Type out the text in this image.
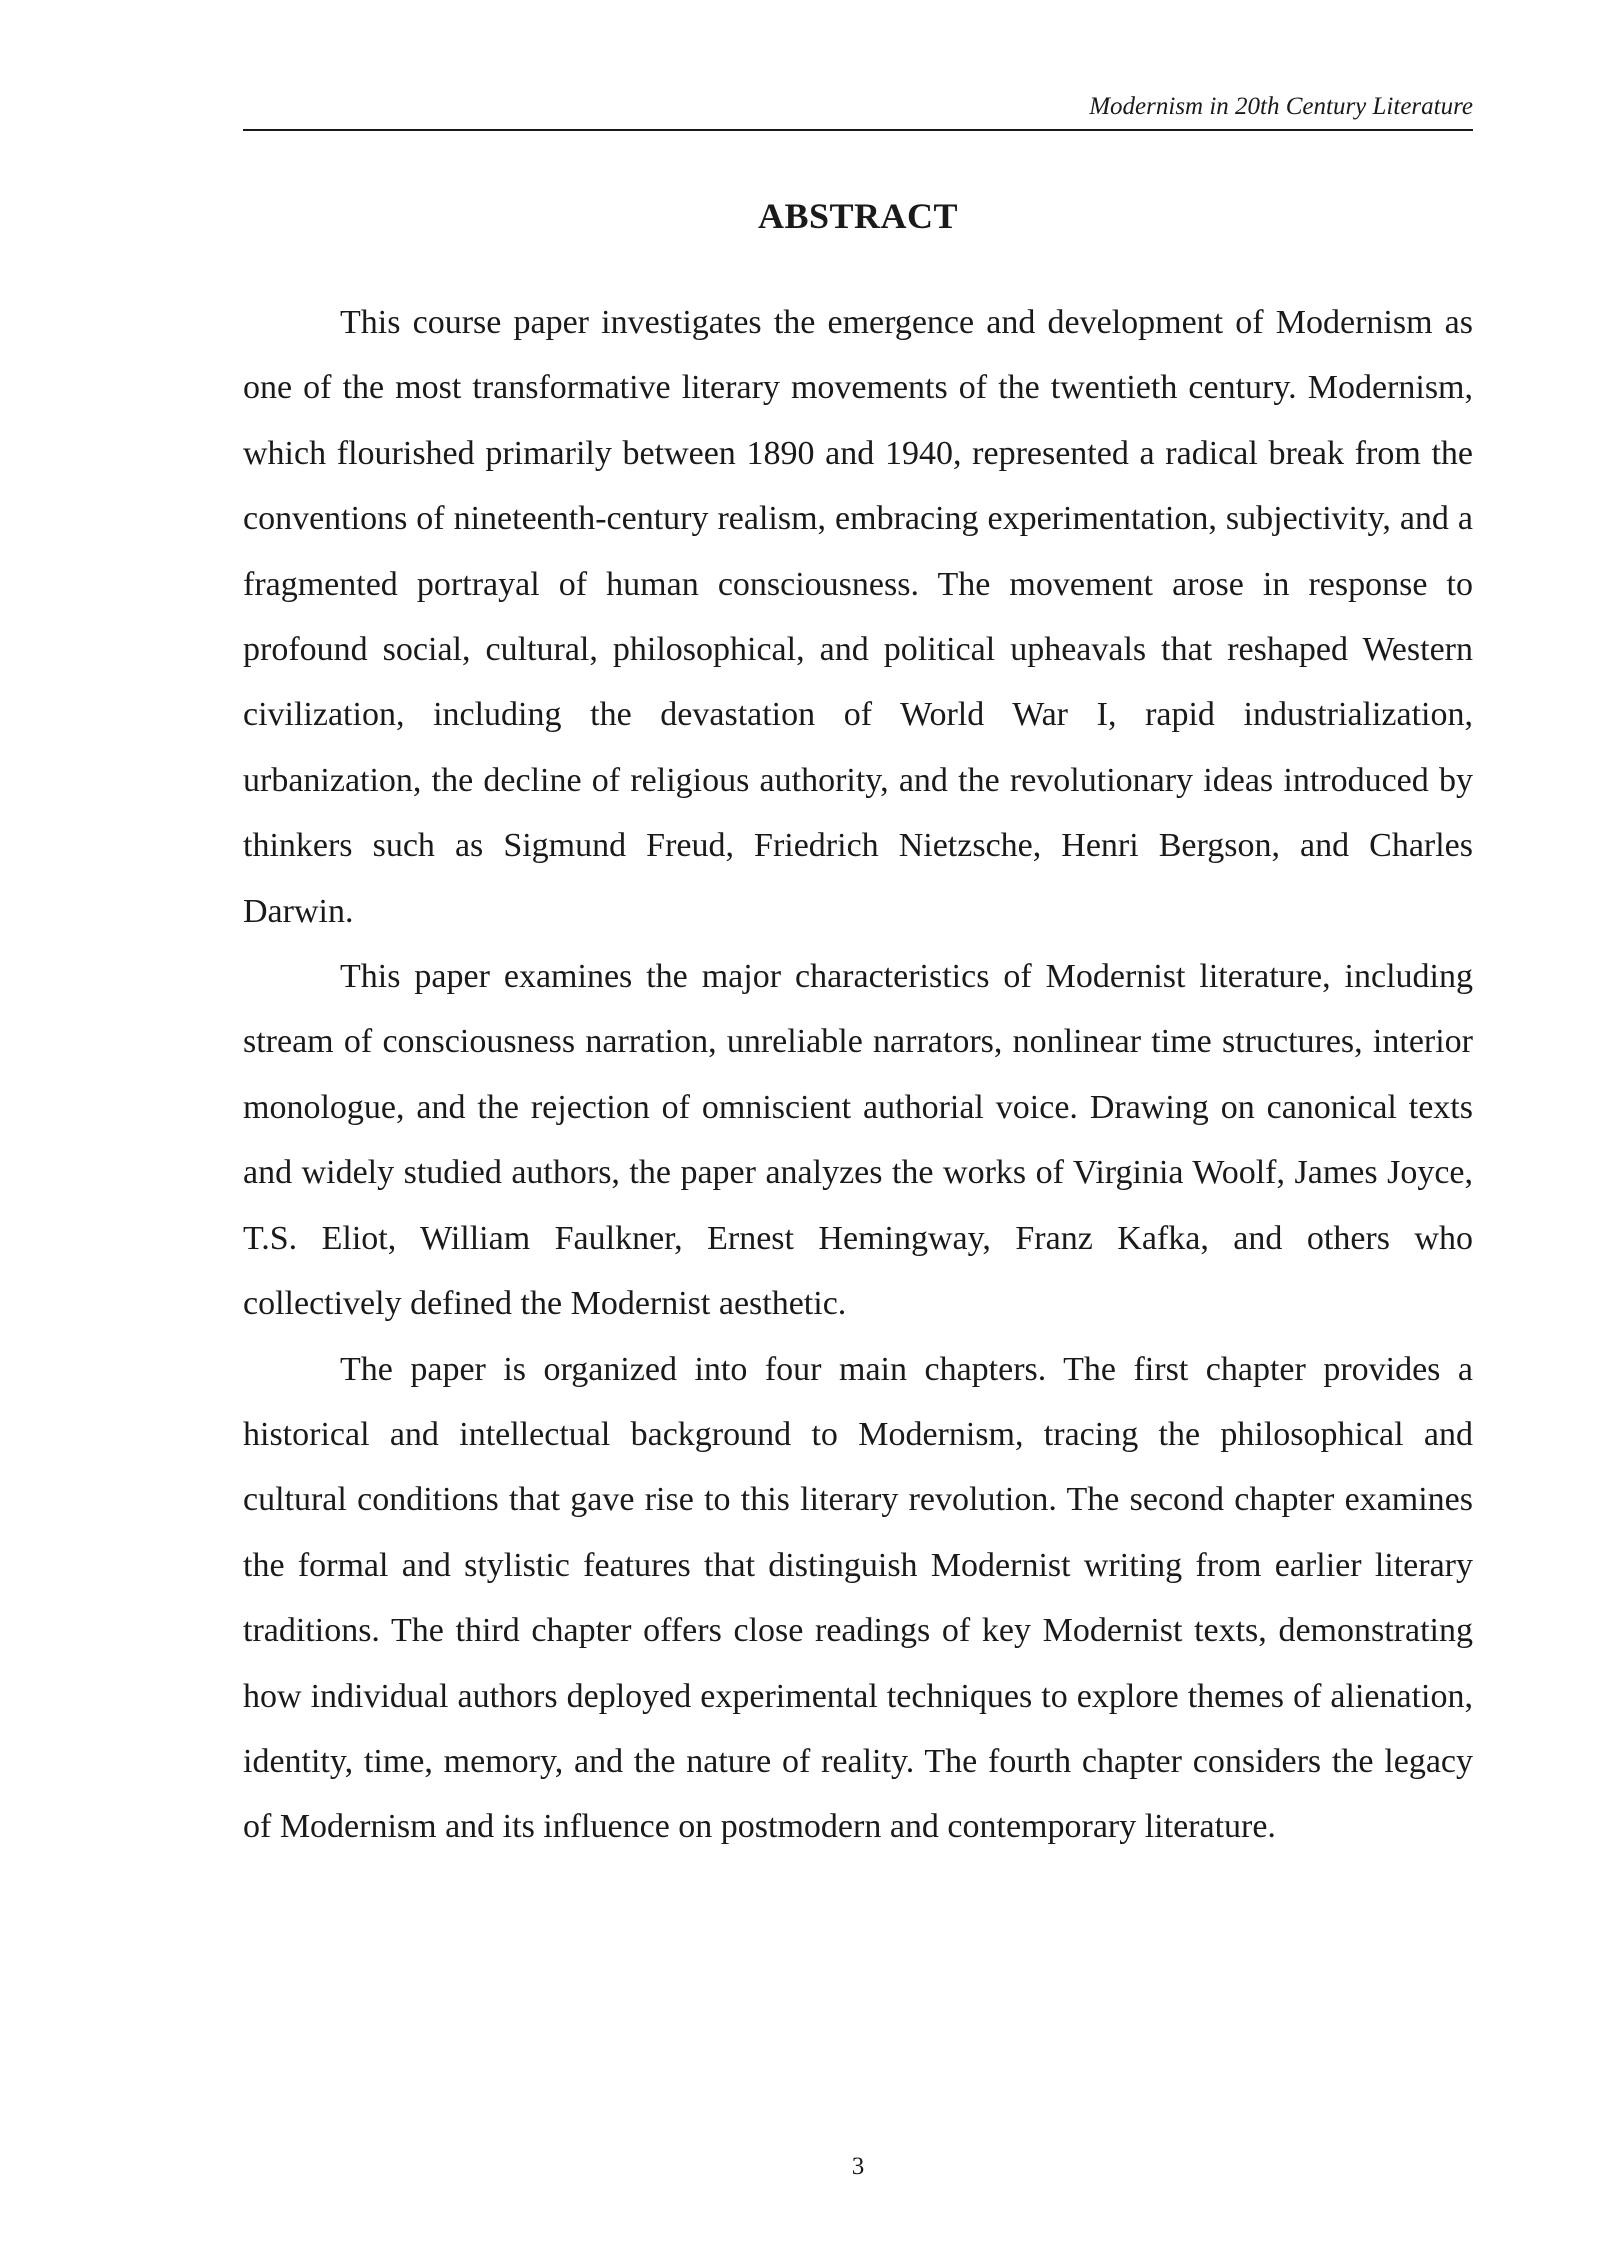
Modernism in 20th Century Literature
ABSTRACT

This course paper investigates the emergence and development of Modernism as one of the most transformative literary movements of the twentieth century. Modernism, which flourished primarily between 1890 and 1940, represented a radical break from the conventions of nineteenth-century realism, embracing experimentation, subjectivity, and a fragmented portrayal of human consciousness. The movement arose in response to profound social, cultural, philosophical, and political upheavals that reshaped Western civilization, including the devastation of World War I, rapid industrialization, urbanization, the decline of religious authority, and the revolutionary ideas introduced by thinkers such as Sigmund Freud, Friedrich Nietzsche, Henri Bergson, and Charles Darwin.

This paper examines the major characteristics of Modernist literature, including stream of consciousness narration, unreliable narrators, nonlinear time structures, interior monologue, and the rejection of omniscient authorial voice. Drawing on canonical texts and widely studied authors, the paper analyzes the works of Virginia Woolf, James Joyce, T.S. Eliot, William Faulkner, Ernest Hemingway, Franz Kafka, and others who collectively defined the Modernist aesthetic.

The paper is organized into four main chapters. The first chapter provides a historical and intellectual background to Modernism, tracing the philosophical and cultural conditions that gave rise to this literary revolution. The second chapter examines the formal and stylistic features that distinguish Modernist writing from earlier literary traditions. The third chapter offers close readings of key Modernist texts, demonstrating how individual authors deployed experimental techniques to explore themes of alienation, identity, time, memory, and the nature of reality. The fourth chapter considers the legacy of Modernism and its influence on postmodern and contemporary literature.

3
